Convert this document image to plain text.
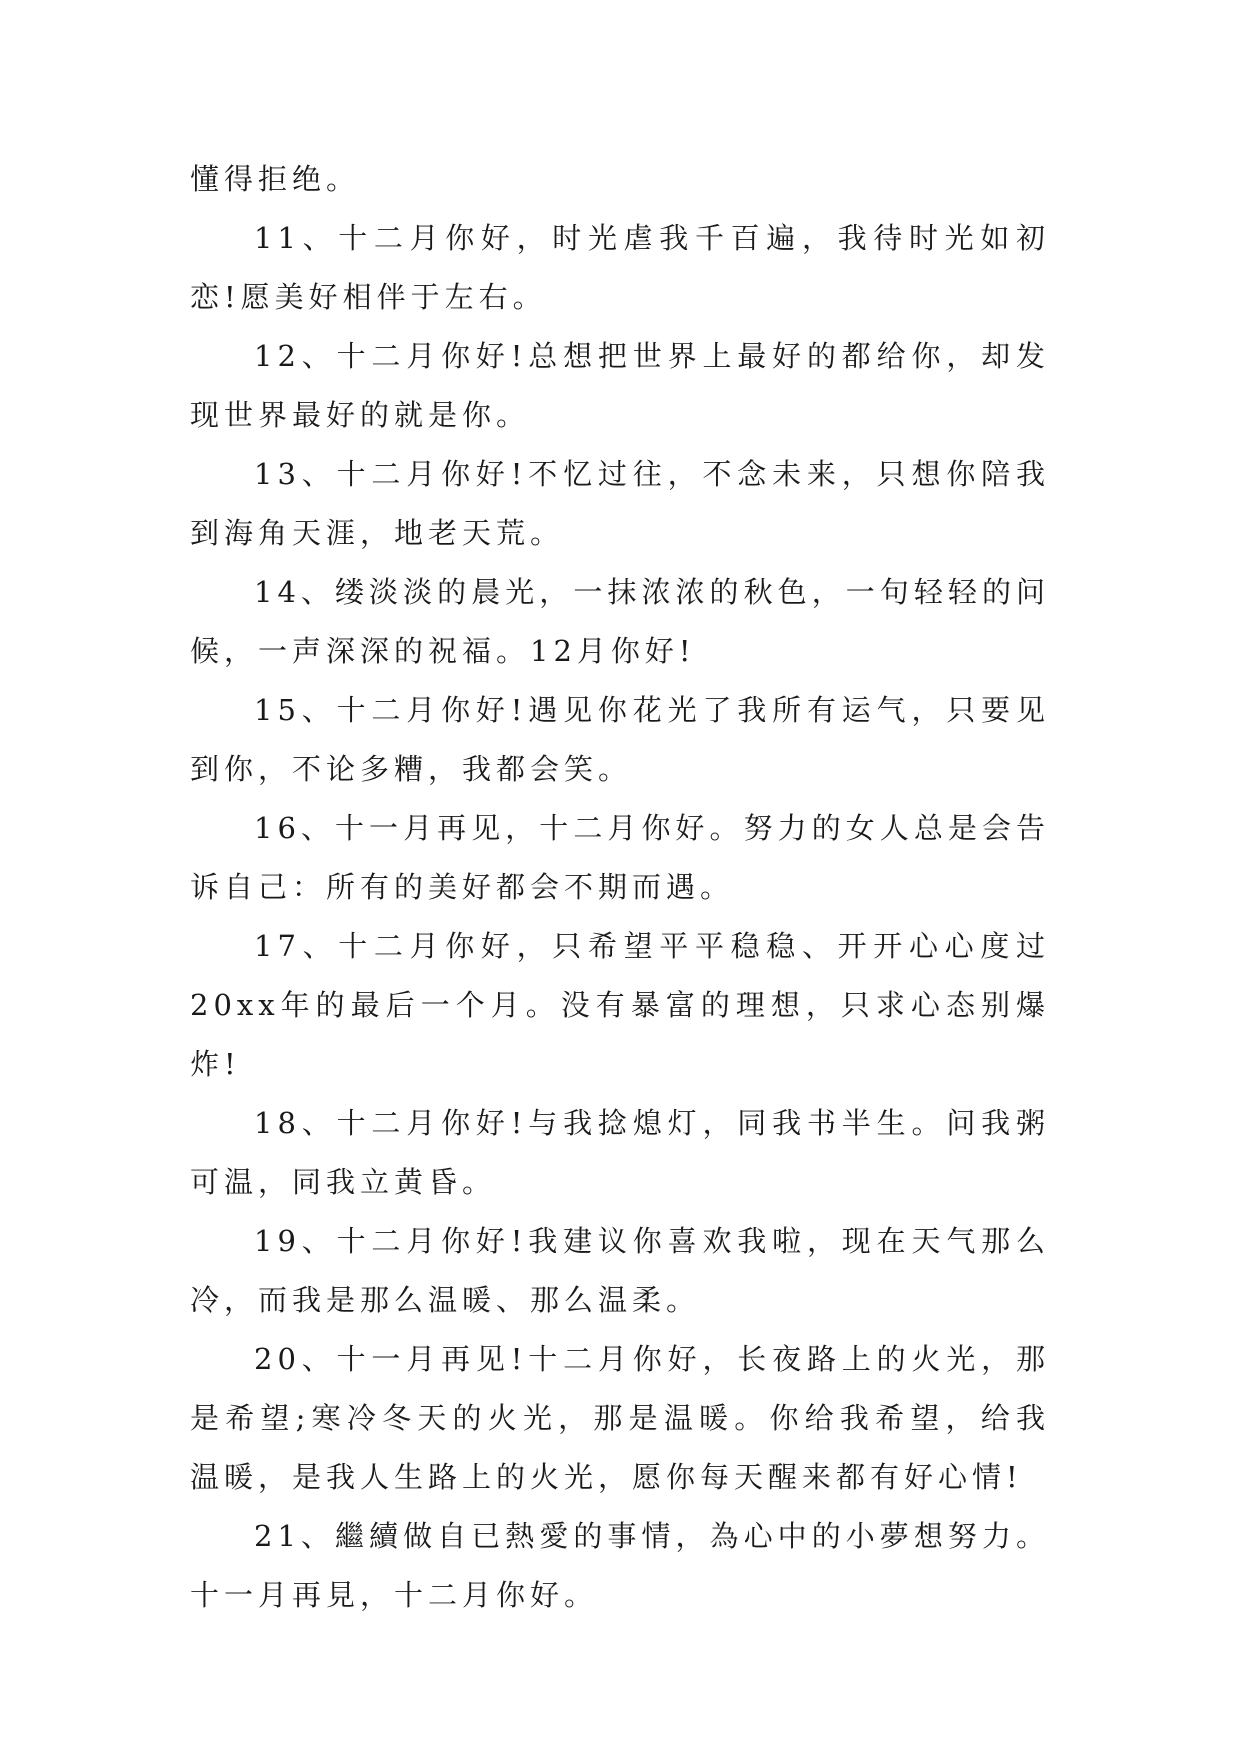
懂得拒绝。

11、十二月你好，时光虐我千百遍，我待时光如初恋!愿美好相伴于左右。

12、十二月你好!总想把世界上最好的都给你，却发现世界最好的就是你。

13、十二月你好!不忆过往，不念未来，只想你陪我到海角天涯，地老天荒。

14、缕淡淡的晨光，一抹浓浓的秋色，一句轻轻的问候，一声深深的祝福。12月你好!

15、十二月你好!遇见你花光了我所有运气，只要见到你，不论多糟，我都会笑。

16、十一月再见，十二月你好。努力的女人总是会告诉自己：所有的美好都会不期而遇。

17、十二月你好，只希望平平稳稳、开开心心度过20xx年的最后一个月。没有暴富的理想，只求心态别爆炸!

18、十二月你好!与我捻熄灯，同我书半生。问我粥可温，同我立黄昏。

19、十二月你好!我建议你喜欢我啦，现在天气那么冷，而我是那么温暖、那么温柔。

20、十一月再见!十二月你好，长夜路上的火光，那是希望;寒冷冬天的火光，那是温暖。你给我希望，给我温暖，是我人生路上的火光，愿你每天醒来都有好心情!

21、繼續做自已熱愛的事情，為心中的小夢想努力。十一月再見，十二月你好。
